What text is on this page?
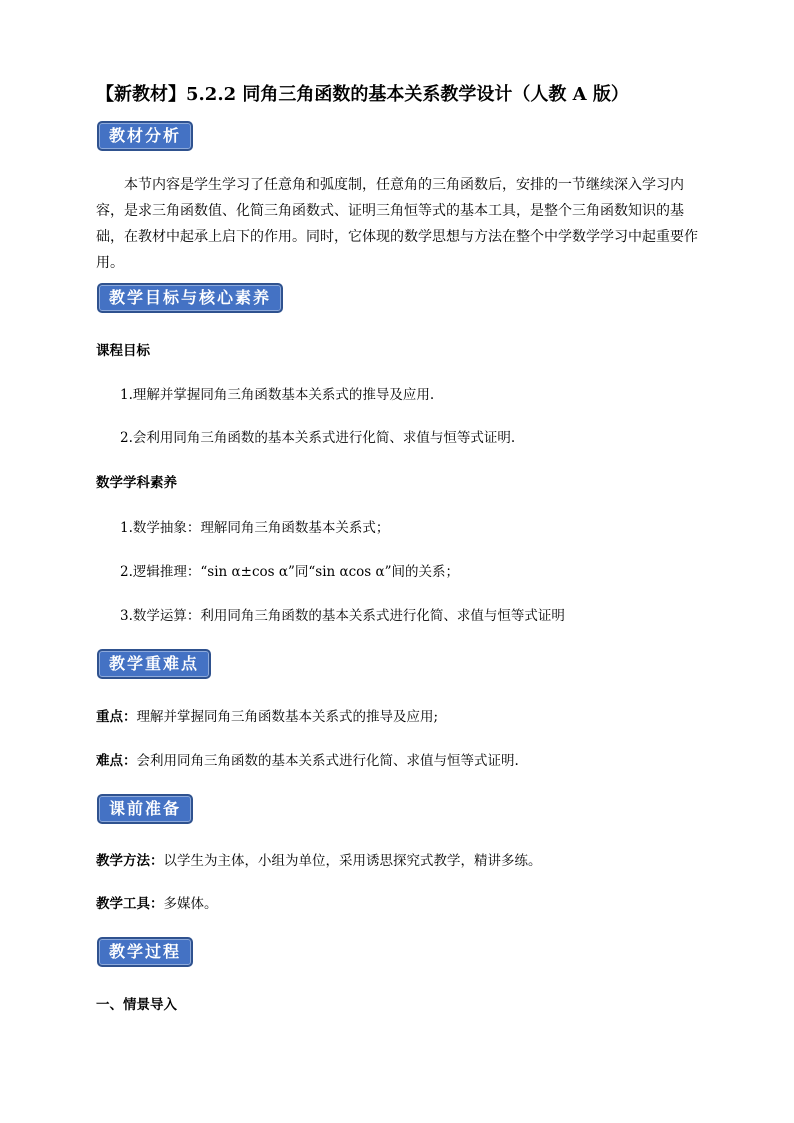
【新教材】5.2.2 同角三角函数的基本关系教学设计（人教 A 版）
教材分析
本节内容是学生学习了任意角和弧度制，任意角的三角函数后，安排的一节继续深入学习内容，是求三角函数值、化简三角函数式、证明三角恒等式的基本工具，是整个三角函数知识的基础，在教材中起承上启下的作用。同时，它体现的数学思想与方法在整个中学数学学习中起重要作用。
教学目标与核心素养
课程目标
1.理解并掌握同角三角函数基本关系式的推导及应用.
2.会利用同角三角函数的基本关系式进行化简、求值与恒等式证明.
数学学科素养
1.数学抽象：理解同角三角函数基本关系式；
2.逻辑推理：“sin α±cos α”同“sin αcos α”间的关系；
3.数学运算：利用同角三角函数的基本关系式进行化简、求值与恒等式证明
教学重难点
重点：理解并掌握同角三角函数基本关系式的推导及应用;
难点：会利用同角三角函数的基本关系式进行化简、求值与恒等式证明.
课前准备
教学方法：以学生为主体，小组为单位，采用诱思探究式教学，精讲多练。
教学工具：多媒体。
教学过程
一、情景导入
